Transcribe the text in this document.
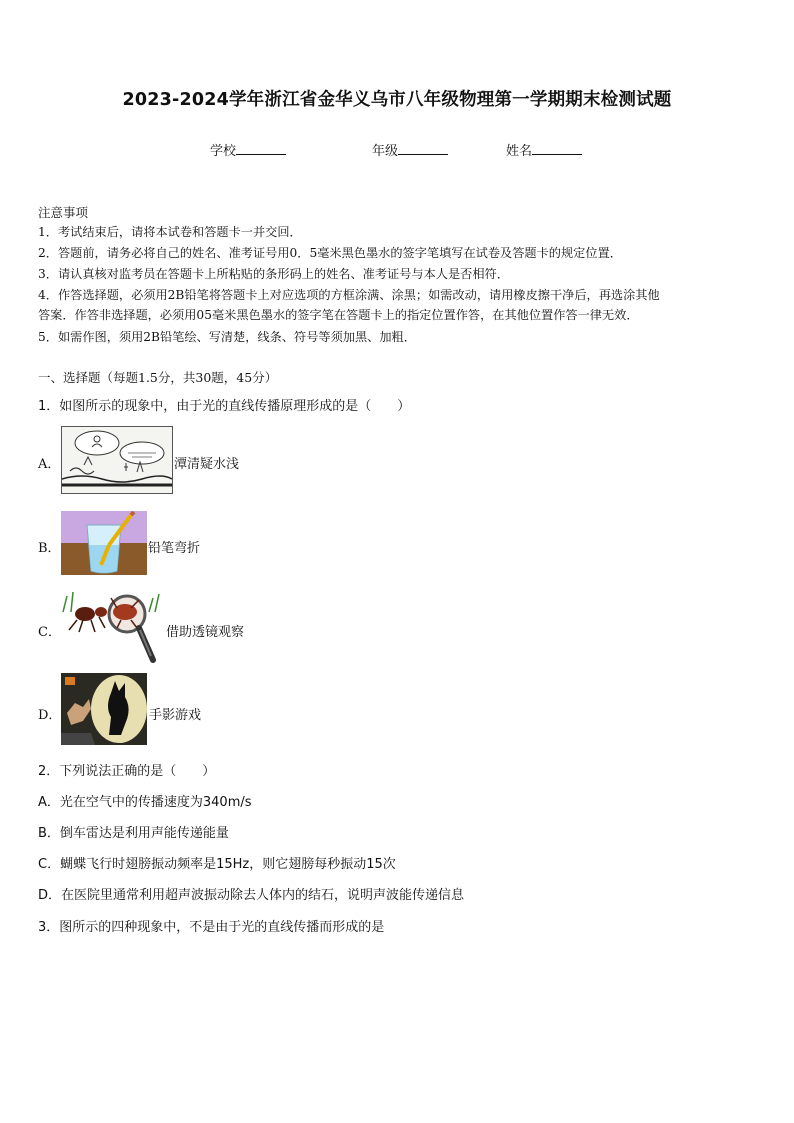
2023-2024学年浙江省金华义乌市八年级物理第一学期期末检测试题
学校	年级	姓名
注意事项
1．考试结束后，请将本试卷和答题卡一并交回．
2．答题前，请务必将自己的姓名、准考证号用0．5毫米黑色墨水的签字笔填写在试卷及答题卡的规定位置．
3．请认真核对监考员在答题卡上所粘贴的条形码上的姓名、准考证号与本人是否相符．
4．作答选择题，必须用2B铅笔将答题卡上对应选项的方框涂满、涂黑；如需改动，请用橡皮擦干净后，再选涂其他
答案．作答非选择题，必须用05毫米黑色墨水的签字笔在答题卡上的指定位置作答，在其他位置作答一律无效．
5．如需作图，须用2B铅笔绘、写清楚，线条、符号等须加黑、加粗．
一、选择题（每题1.5分，共30题，45分）
1．如图所示的现象中，由于光的直线传播原理形成的是（　　）
A．	潭清疑水浅
B．	铅笔弯折
C．	借助透镜观察
D．	手影游戏
2．下列说法正确的是（　　）
A．光在空气中的传播速度为340m/s
B．倒车雷达是利用声能传递能量
C．蝴蝶飞行时翅膀振动频率是15Hz，则它翅膀每秒振动15次
D．在医院里通常利用超声波振动除去人体内的结石，说明声波能传递信息
3．图所示的四种现象中，不是由于光的直线传播而形成的是
